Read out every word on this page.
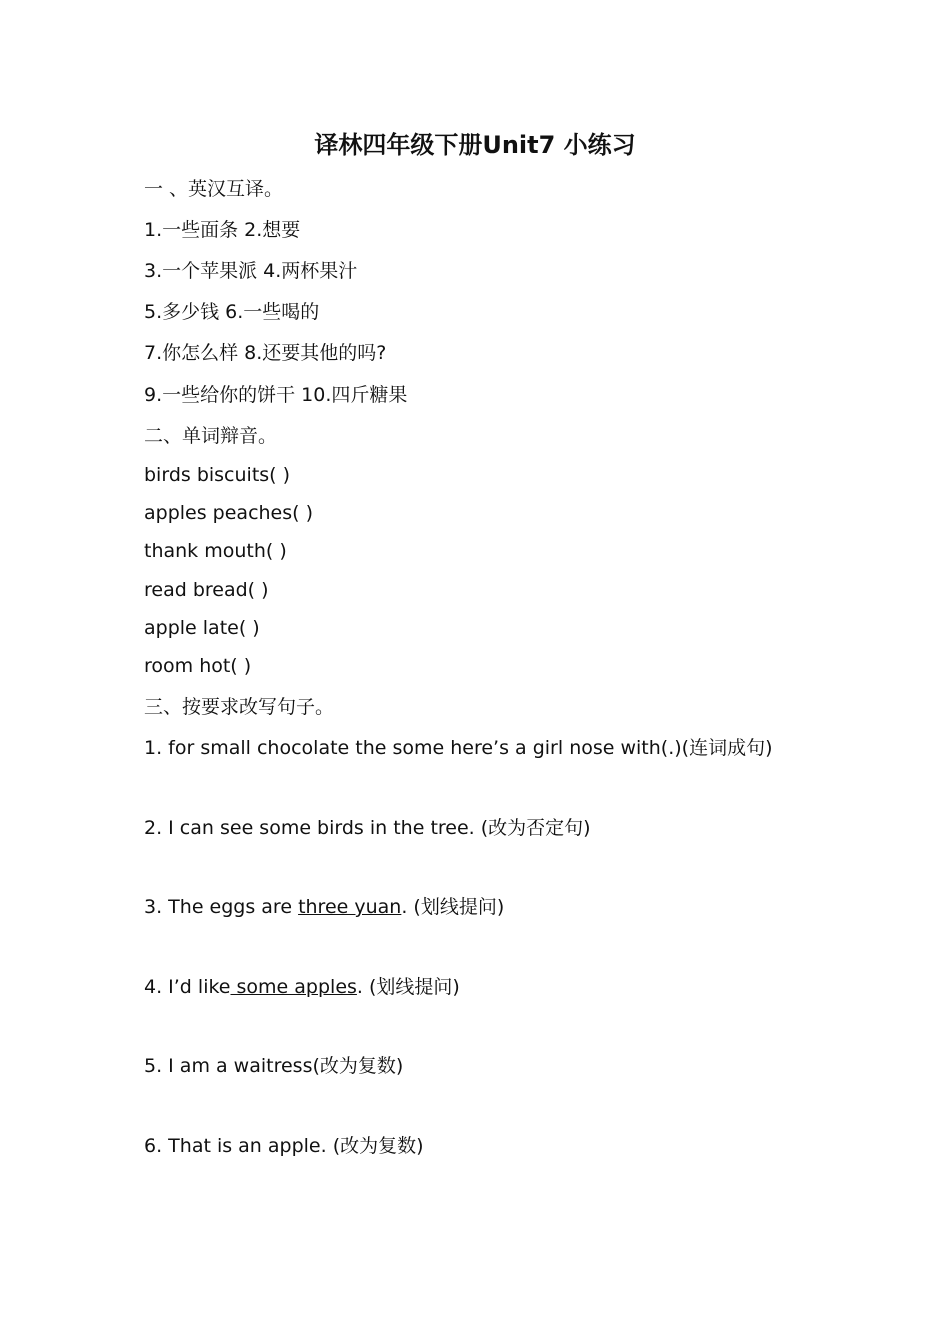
译林四年级下册Unit7 小练习

一 、英汉互译。

1.一些面条 2.想要

3.一个苹果派 4.两杯果汁

5.多少钱 6.一些喝的

7.你怎么样 8.还要其他的吗?

9.一些给你的饼干 10.四斤糖果

二、单词辩音。

birds biscuits( )

apples peaches( )

thank mouth( )

read bread( )

apple late( )

room hot( )

三、按要求改写句子。

1. for small chocolate the some here’s a girl nose with(.)(连词成句)

2. I can see some birds in the tree. (改为否定句)

3. The eggs are three yuan. (划线提问)

4. I’d like some apples. (划线提问)

5. I am a waitress(改为复数)

6. That is an apple. (改为复数)
